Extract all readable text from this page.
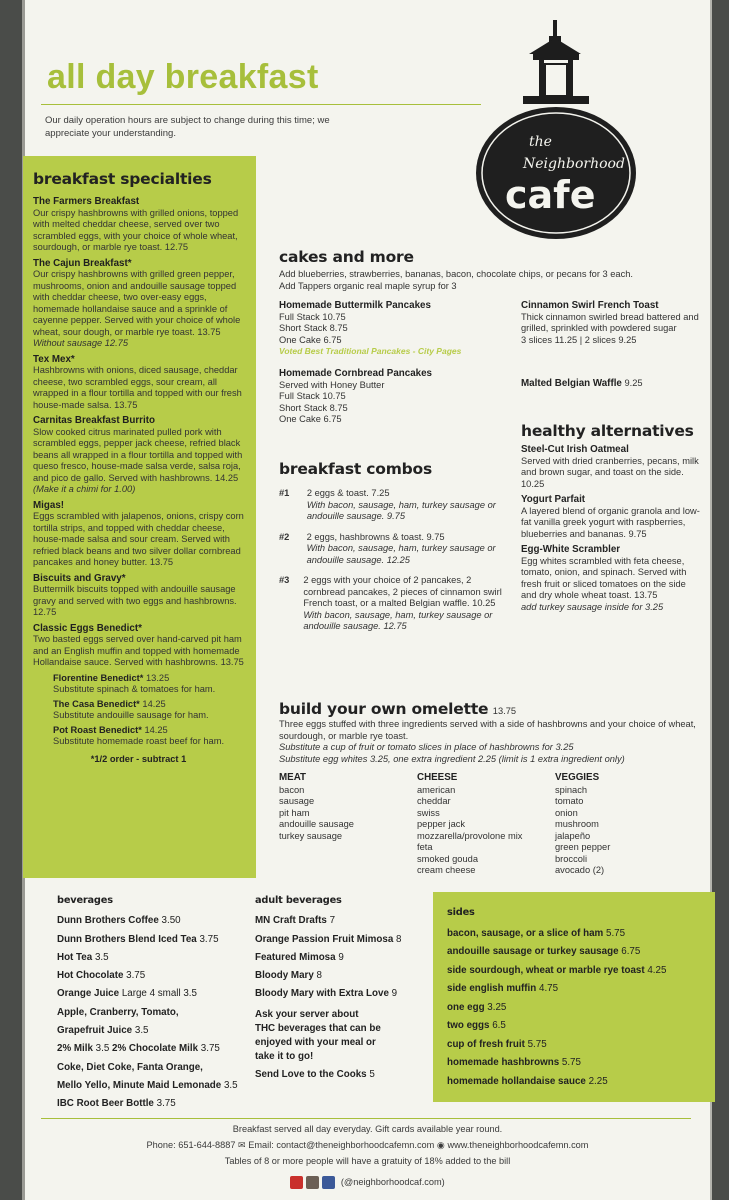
all day breakfast
Our daily operation hours are subject to change during this time; we appreciate your understanding.
the
Neighborhood
cafe
breakfast specialties
The Farmers Breakfast
Our crispy hashbrowns with grilled onions, topped with melted cheddar cheese, served over two scrambled eggs, with your choice of whole wheat, sourdough, or marble rye toast. 12.75
The Cajun Breakfast*
Our crispy hashbrowns with grilled green pepper, mushrooms, onion and andouille sausage topped with cheddar cheese, two over-easy eggs, homemade hollandaise sauce and a sprinkle of cayenne pepper. Served with your choice of whole wheat, sour dough, or marble rye toast. 13.75
Without sausage 12.75
Tex Mex*
Hashbrowns with onions, diced sausage, cheddar cheese, two scrambled eggs, sour cream, all wrapped in a flour tortilla and topped with our fresh house-made salsa. 13.75
Carnitas Breakfast Burrito
Slow cooked citrus marinated pulled pork with scrambled eggs, pepper jack cheese, refried black beans all wrapped in a flour tortilla and topped with queso fresco, house-made salsa verde, salsa roja, and pico de gallo. Served with hashbrowns. 14.25
(Make it a chimi for 1.00)
Migas!
Eggs scrambled with jalapenos, onions, crispy corn tortilla strips, and topped with cheddar cheese, house-made salsa and sour cream. Served with refried black beans and two silver dollar cornbread pancakes and honey butter. 13.75
Biscuits and Gravy*
Buttermilk biscuits topped with andouille sausage gravy and served with two eggs and hashbrowns. 12.75
Classic Eggs Benedict*
Two basted eggs served over hand-carved pit ham and an English muffin and topped with homemade Hollandaise sauce. Served with hashbrowns. 13.75
Florentine Benedict* 13.25
Substitute spinach & tomatoes for ham.
The Casa Benedict* 14.25
Substitute andouille sausage for ham.
Pot Roast Benedict* 14.25
Substitute homemade roast beef for ham.
*1/2 order - subtract 1
cakes and more
Add blueberries, strawberries, bananas, bacon, chocolate chips, or pecans for 3 each.
Add Tappers organic real maple syrup for 3
Homemade Buttermilk Pancakes
Full Stack 10.75
Short Stack 8.75
One Cake 6.75
Voted Best Traditional Pancakes - City Pages
Homemade Cornbread Pancakes
Served with Honey Butter
Full Stack 10.75
Short Stack 8.75
One Cake 6.75
Cinnamon Swirl French Toast
Thick cinnamon swirled bread battered and grilled, sprinkled with powdered sugar
3 slices 11.25 | 2 slices 9.25
Malted Belgian Waffle 9.25
healthy alternatives
Steel-Cut Irish Oatmeal
Served with dried cranberries, pecans, milk and brown sugar, and toast on the side. 10.25
Yogurt Parfait
A layered blend of organic granola and low-fat vanilla greek yogurt with raspberries, blueberries and bananas. 9.75
Egg-White Scrambler
Egg whites scrambled with feta cheese, tomato, onion, and spinach. Served with fresh fruit or sliced tomatoes on the side and dry whole wheat toast. 13.75
add turkey sausage inside for 3.25
breakfast combos
#1	2 eggs & toast. 7.25
With bacon, sausage, ham, turkey sausage or andouille sausage. 9.75
#2	2 eggs, hashbrowns & toast. 9.75
With bacon, sausage, ham, turkey sausage or andouille sausage. 12.25
#3 2 eggs with your choice of 2 pancakes, 2 cornbread pancakes, 2 pieces of cinnamon swirl French toast, or a malted Belgian waffle. 10.25
With bacon, sausage, ham, turkey sausage or andouille sausage. 12.75
build your own omelette 13.75
Three eggs stuffed with three ingredients served with a side of hashbrowns and your choice of wheat, sourdough, or marble rye toast.
Substitute a cup of fruit or tomato slices in place of hashbrowns for 3.25
Substitute egg whites 3.25, one extra ingredient 2.25 (limit is 1 extra ingredient only)
MEAT
bacon
sausage
pit ham
andouille sausage
turkey sausage
CHEESE
american
cheddar
swiss
pepper jack
mozzarella/provolone mix
feta
smoked gouda
cream cheese
VEGGIES
spinach
tomato
onion
mushroom
jalapeño
green pepper
broccoli
avocado (2)
beverages
Dunn Brothers Coffee 3.50
Dunn Brothers Blend Iced Tea 3.75
Hot Tea 3.5
Hot Chocolate 3.75
Orange Juice Large 4 small 3.5
Apple, Cranberry, Tomato,
Grapefruit Juice 3.5
2% Milk 3.5 2% Chocolate Milk 3.75
Coke, Diet Coke, Fanta Orange,
Mello Yello, Minute Maid Lemonade 3.5
IBC Root Beer Bottle 3.75
adult beverages
MN Craft Drafts 7
Orange Passion Fruit Mimosa 8
Featured Mimosa 9
Bloody Mary 8
Bloody Mary with Extra Love 9
Ask your server about
THC beverages that can be
enjoyed with your meal or
take it to go!
Send Love to the Cooks 5
sides
bacon, sausage, or a slice of ham 5.75
andouille sausage or turkey sausage 6.75
side sourdough, wheat or marble rye toast 4.25
side english muffin 4.75
one egg 3.25
two eggs 6.5
cup of fresh fruit 5.75
homemade hashbrowns 5.75
homemade hollandaise sauce 2.25
Breakfast served all day everyday. Gift cards available year round.
Phone: 651-644-8887 ✉ Email: contact@theneighborhoodcafemn.com ◉ www.theneighborhoodcafemn.com
Tables of 8 or more people will have a gratuity of 18% added to the bill
(@neighborhoodcaf.com)
